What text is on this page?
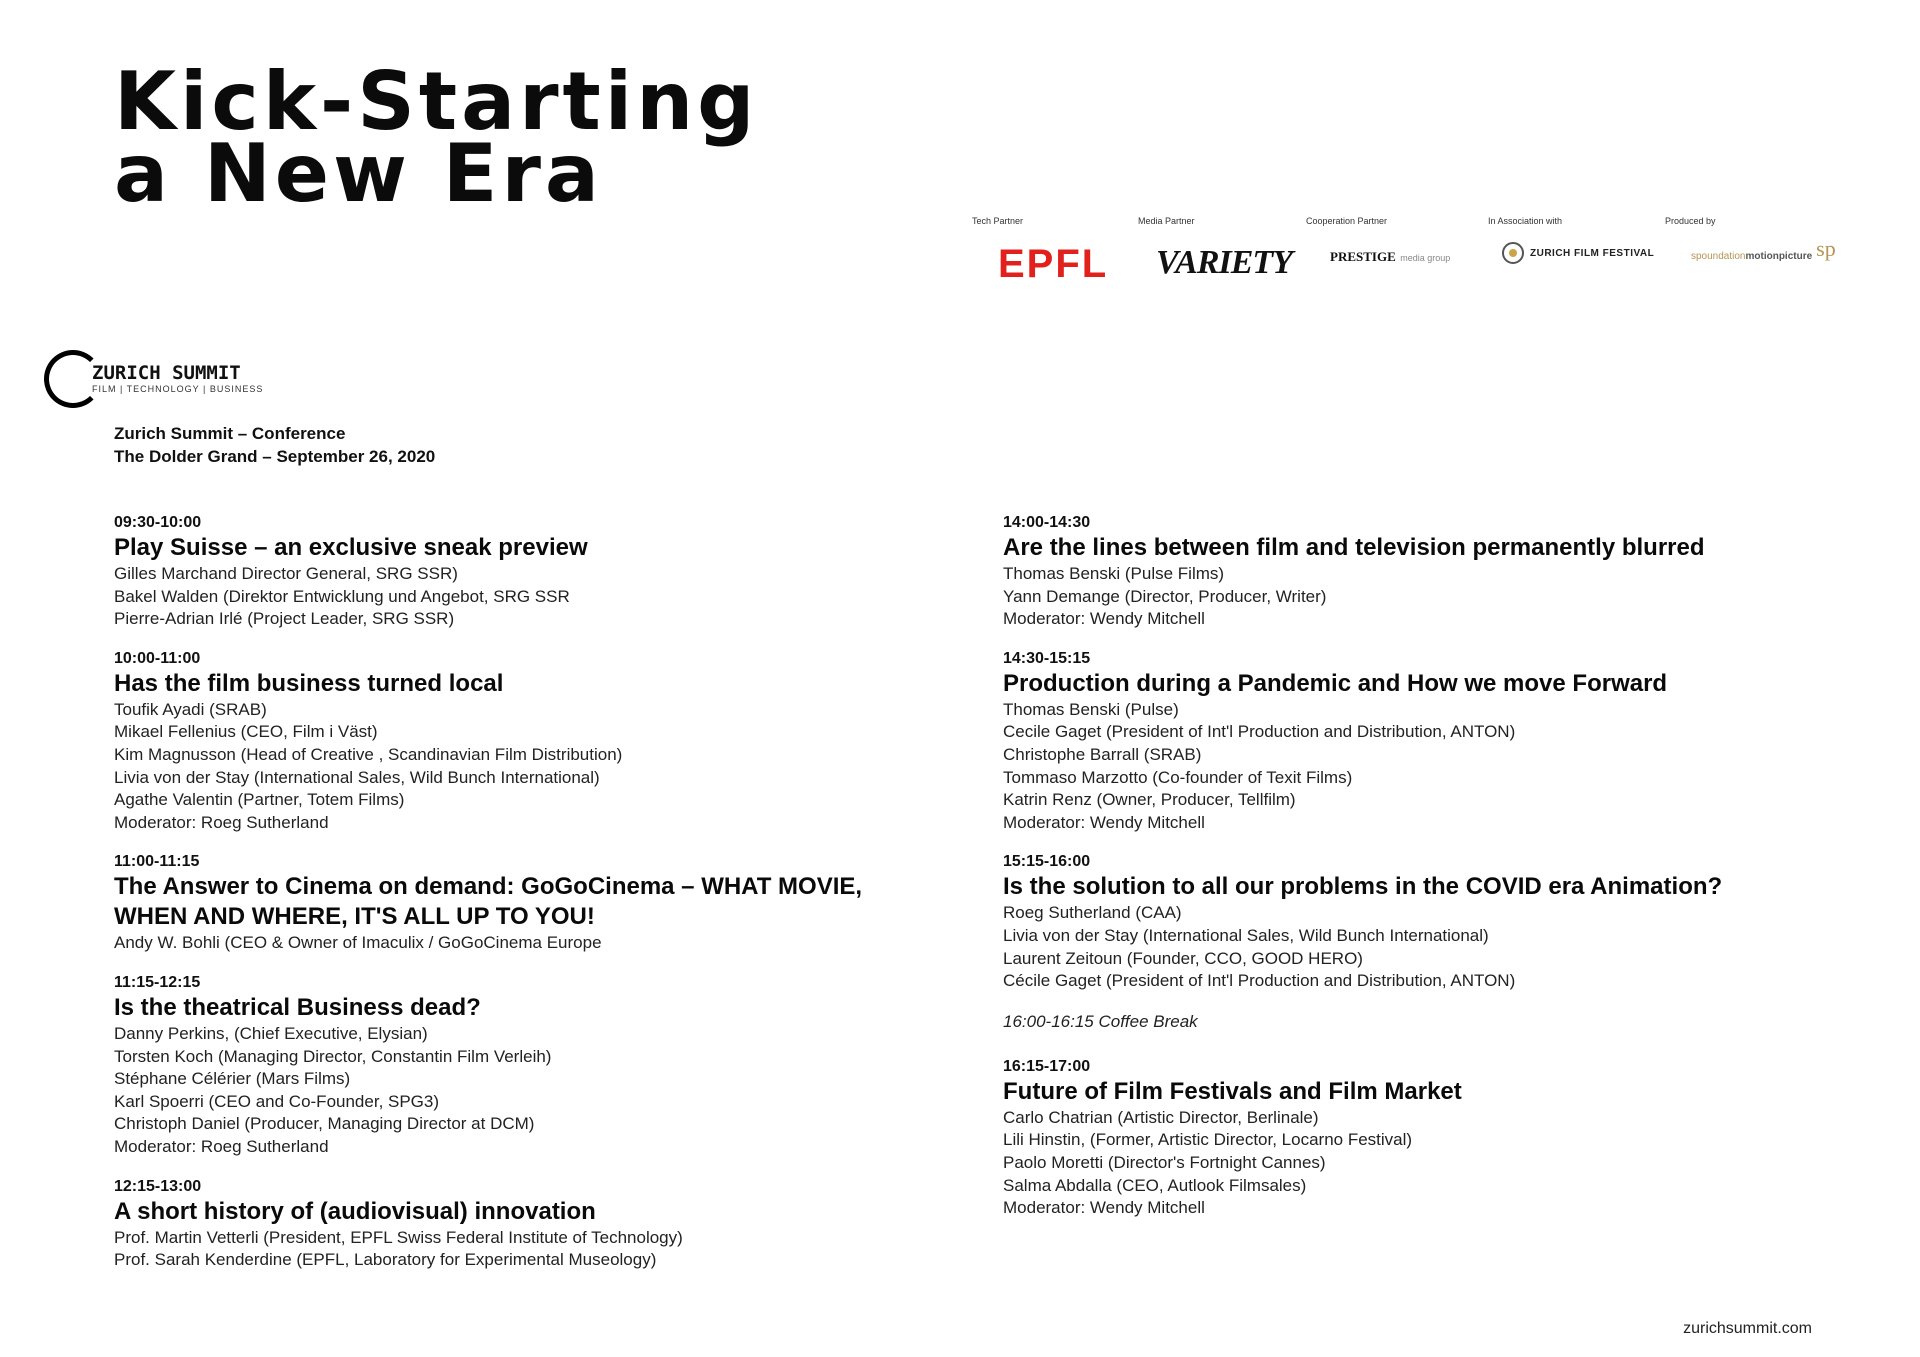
Kick-Starting
a New Era
Tech Partner
EPFL
Media Partner
VARIETY
Cooperation Partner
PRESTIGE media group
In Association with
ZURICH FILM FESTIVAL
Produced by
spoundationmotionpicture sp
ZURICH SUMMIT
FILM | TECHNOLOGY | BUSINESS
Zurich Summit – Conference
The Dolder Grand – September 26, 2020
09:30-10:00
Play Suisse – an exclusive sneak preview
Gilles Marchand Director General, SRG SSR)
Bakel Walden (Direktor Entwicklung und Angebot, SRG SSR
Pierre-Adrian Irlé (Project Leader, SRG SSR)
10:00-11:00
Has the film business turned local
Toufik Ayadi (SRAB)
Mikael Fellenius (CEO, Film i Väst)
Kim Magnusson (Head of Creative , Scandinavian Film Distribution)
Livia von der Stay (International Sales, Wild Bunch International)
Agathe Valentin (Partner, Totem Films)
Moderator: Roeg Sutherland
11:00-11:15
The Answer to Cinema on demand: GoGoCinema – WHAT MOVIE, WHEN AND WHERE, IT'S ALL UP TO YOU!
Andy W. Bohli (CEO & Owner of Imaculix / GoGoCinema Europe
11:15-12:15
Is the theatrical Business dead?
Danny Perkins, (Chief Executive, Elysian)
Torsten Koch (Managing Director, Constantin Film Verleih)
Stéphane Célérier (Mars Films)
Karl Spoerri (CEO and Co-Founder, SPG3)
Christoph Daniel (Producer, Managing Director at DCM)
Moderator: Roeg Sutherland
12:15-13:00
A short history of (audiovisual) innovation
Prof. Martin Vetterli (President, EPFL Swiss Federal Institute of Technology)
Prof. Sarah Kenderdine (EPFL, Laboratory for Experimental Museology)
14:00-14:30
Are the lines between film and television permanently blurred
Thomas Benski (Pulse Films)
Yann Demange (Director, Producer, Writer)
Moderator: Wendy Mitchell
14:30-15:15
Production during a Pandemic and How we move Forward
Thomas Benski (Pulse)
Cecile Gaget (President of Int'l Production and Distribution, ANTON)
Christophe Barrall (SRAB)
Tommaso Marzotto (Co-founder of Texit Films)
Katrin Renz (Owner, Producer, Tellfilm)
Moderator: Wendy Mitchell
15:15-16:00
Is the solution to all our problems in the COVID era Animation?
Roeg Sutherland (CAA)
Livia von der Stay (International Sales, Wild Bunch International)
Laurent Zeitoun (Founder, CCO, GOOD HERO)
Cécile Gaget (President of Int'l Production and Distribution, ANTON)
16:00-16:15 Coffee Break
16:15-17:00
Future of Film Festivals and Film Market
Carlo Chatrian (Artistic Director, Berlinale)
Lili Hinstin, (Former, Artistic Director, Locarno Festival)
Paolo Moretti (Director's Fortnight Cannes)
Salma Abdalla (CEO, Autlook Filmsales)
Moderator: Wendy Mitchell
zurichsummit.com
